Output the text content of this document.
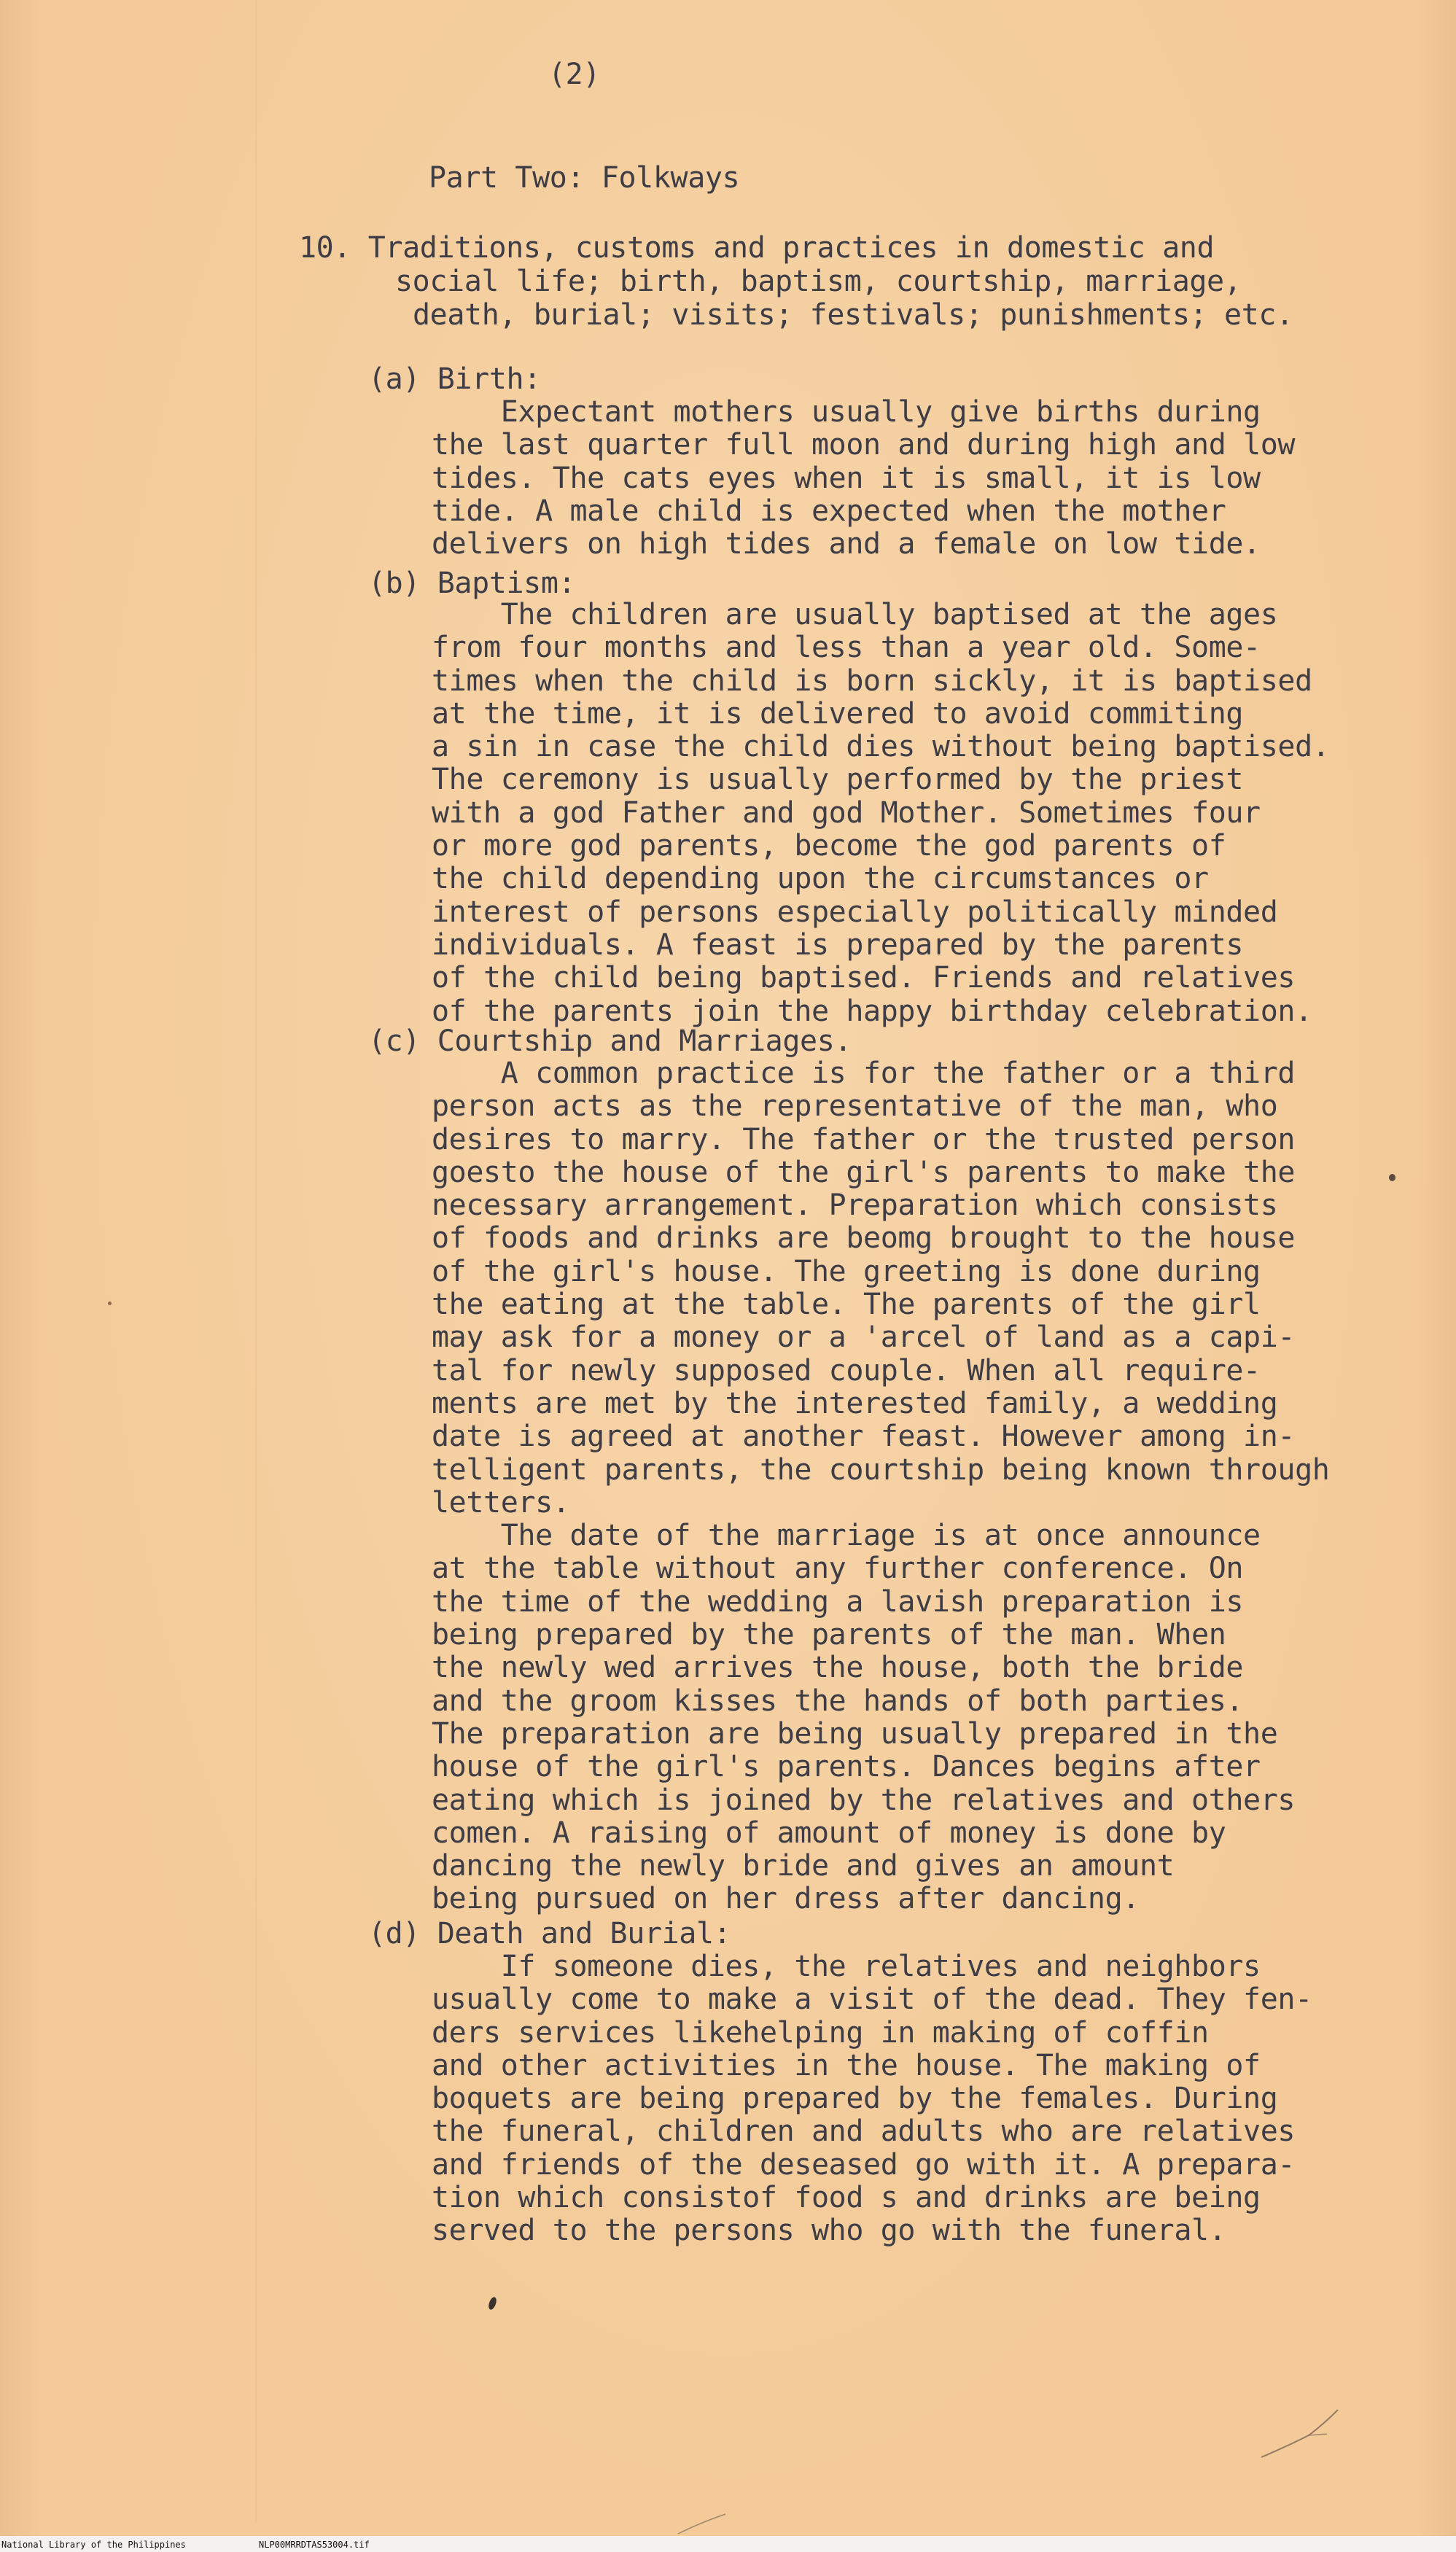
(2)

Part Two: Folkways

10. Traditions, customs and practices in domestic and

social life; birth, baptism, courtship, marriage,

death, burial; visits; festivals; punishments; etc.

(a) Birth:

Expectant mothers usually give births during
the last quarter full moon and during high and low
tides. The cats eyes when it is small, it is low
tide. A male child is expected when the mother
delivers on high tides and a female on low tide.

(b) Baptism:

The children are usually baptised at the ages
from four months and less than a year old. Some-
times when the child is born sickly, it is baptised
at the time, it is delivered to avoid commiting
a sin in case the child dies without being baptised.
The ceremony is usually performed by the priest
with a god Father and god Mother. Sometimes four
or more god parents, become the god parents of
the child depending upon the circumstances or
interest of persons especially politically minded
individuals. A feast is prepared by the parents
of the child being baptised. Friends and relatives
of the parents join the happy birthday celebration.

(c) Courtship and Marriages.

A common practice is for the father or a third
person acts as the representative of the man, who
desires to marry. The father or the trusted person
goesto the house of the girl's parents to make the
necessary arrangement. Preparation which consists
of foods and drinks are beomg brought to the house
of the girl's house. The greeting is done during
the eating at the table. The parents of the girl
may ask for a money or a 'arcel of land as a capi-
tal for newly supposed couple. When all require-
ments are met by the interested family, a wedding
date is agreed at another feast. However among in-
telligent parents, the courtship being known through
letters.
The date of the marriage is at once announce
at the table without any further conference. On
the time of the wedding a lavish preparation is
being prepared by the parents of the man. When
the newly wed arrives the house, both the bride
and the groom kisses the hands of both parties.
The preparation are being usually prepared in the
house of the girl's parents. Dances begins after
eating which is joined by the relatives and others
comen. A raising of amount of money is done by
dancing the newly bride and gives an amount
being pursued on her dress after dancing.

(d) Death and Burial:

If someone dies, the relatives and neighbors
usually come to make a visit of the dead. They fen-
ders services likehelping in making of coffin
and other activities in the house. The making of
boquets are being prepared by the females. During
the funeral, children and adults who are relatives
and friends of the deseased go with it. A prepara-
tion which consistof food s and drinks are being
served to the persons who go with the funeral.
National Library of the Philippines	NLP00MRRDTAS53004.tif
